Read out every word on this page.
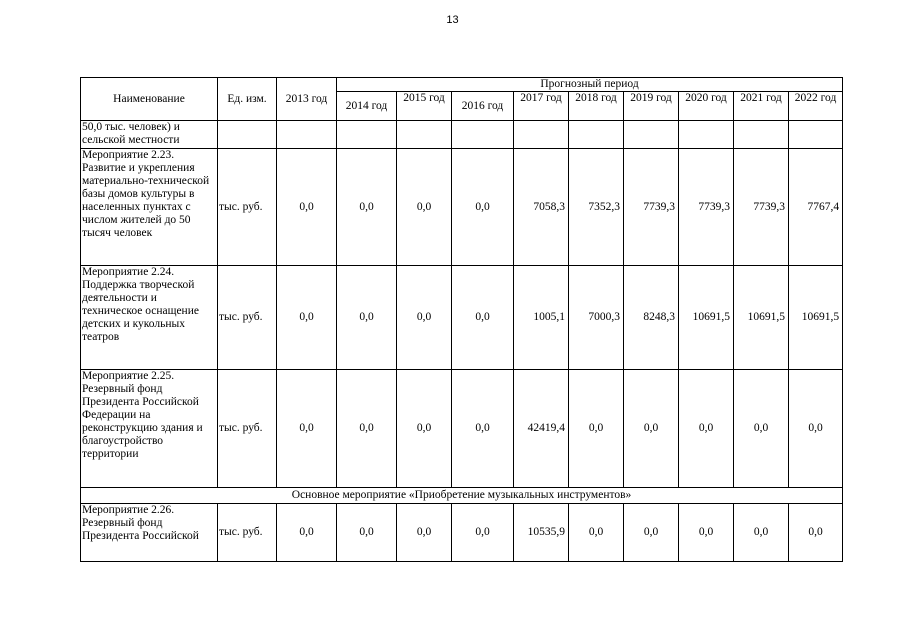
13
Наименование	Ед. изм.	2013 год	Прогнозный период								
			2014 год	2015 год	2016 год	2017 год	2018 год	2019 год	2020 год	2021 год	2022 год
50,0 тыс. человек) и сельской местности											
Мероприятие 2.23. Развитие и укрепления материально-технической базы домов культуры в населенных пунктах с числом жителей до 50 тысяч человек	тыс. руб.	0,0	0,0	0,0	0,0	7058,3	7352,3	7739,3	7739,3	7739,3	7767,4
Мероприятие 2.24. Поддержка творческой деятельности и техническое оснащение детских и кукольных театров	тыс. руб.	0,0	0,0	0,0	0,0	1005,1	7000,3	8248,3	10691,5	10691,5	10691,5
Мероприятие 2.25. Резервный фонд Президента Российской Федерации на реконструкцию здания и благоустройство территории	тыс. руб.	0,0	0,0	0,0	0,0	42419,4	0,0	0,0	0,0	0,0	0,0
Основное мероприятие «Приобретение музыкальных инструментов»											
Мероприятие 2.26. Резервный фонд Президента Российской	тыс. руб.	0,0	0,0	0,0	0,0	10535,9	0,0	0,0	0,0	0,0	0,0
